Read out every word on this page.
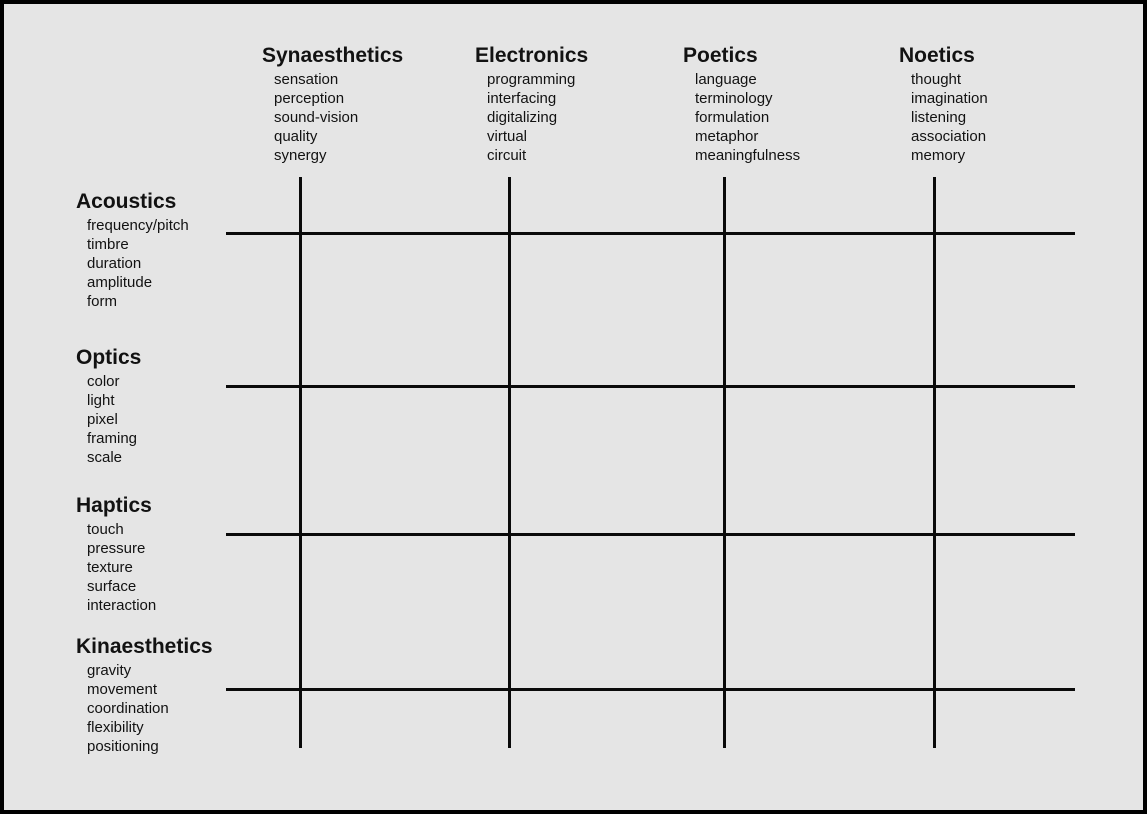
Synaesthetics
sensation
perception
sound-vision
quality
synergy
Electronics
programming
interfacing
digitalizing
virtual
circuit
Poetics
language
terminology
formulation
metaphor
meaningfulness
Noetics
thought
imagination
listening
association
memory
Acoustics
frequency/pitch
timbre
duration
amplitude
form
Optics
color
light
pixel
framing
scale
Haptics
touch
pressure
texture
surface
interaction
Kinaesthetics
gravity
movement
coordination
flexibility
positioning
